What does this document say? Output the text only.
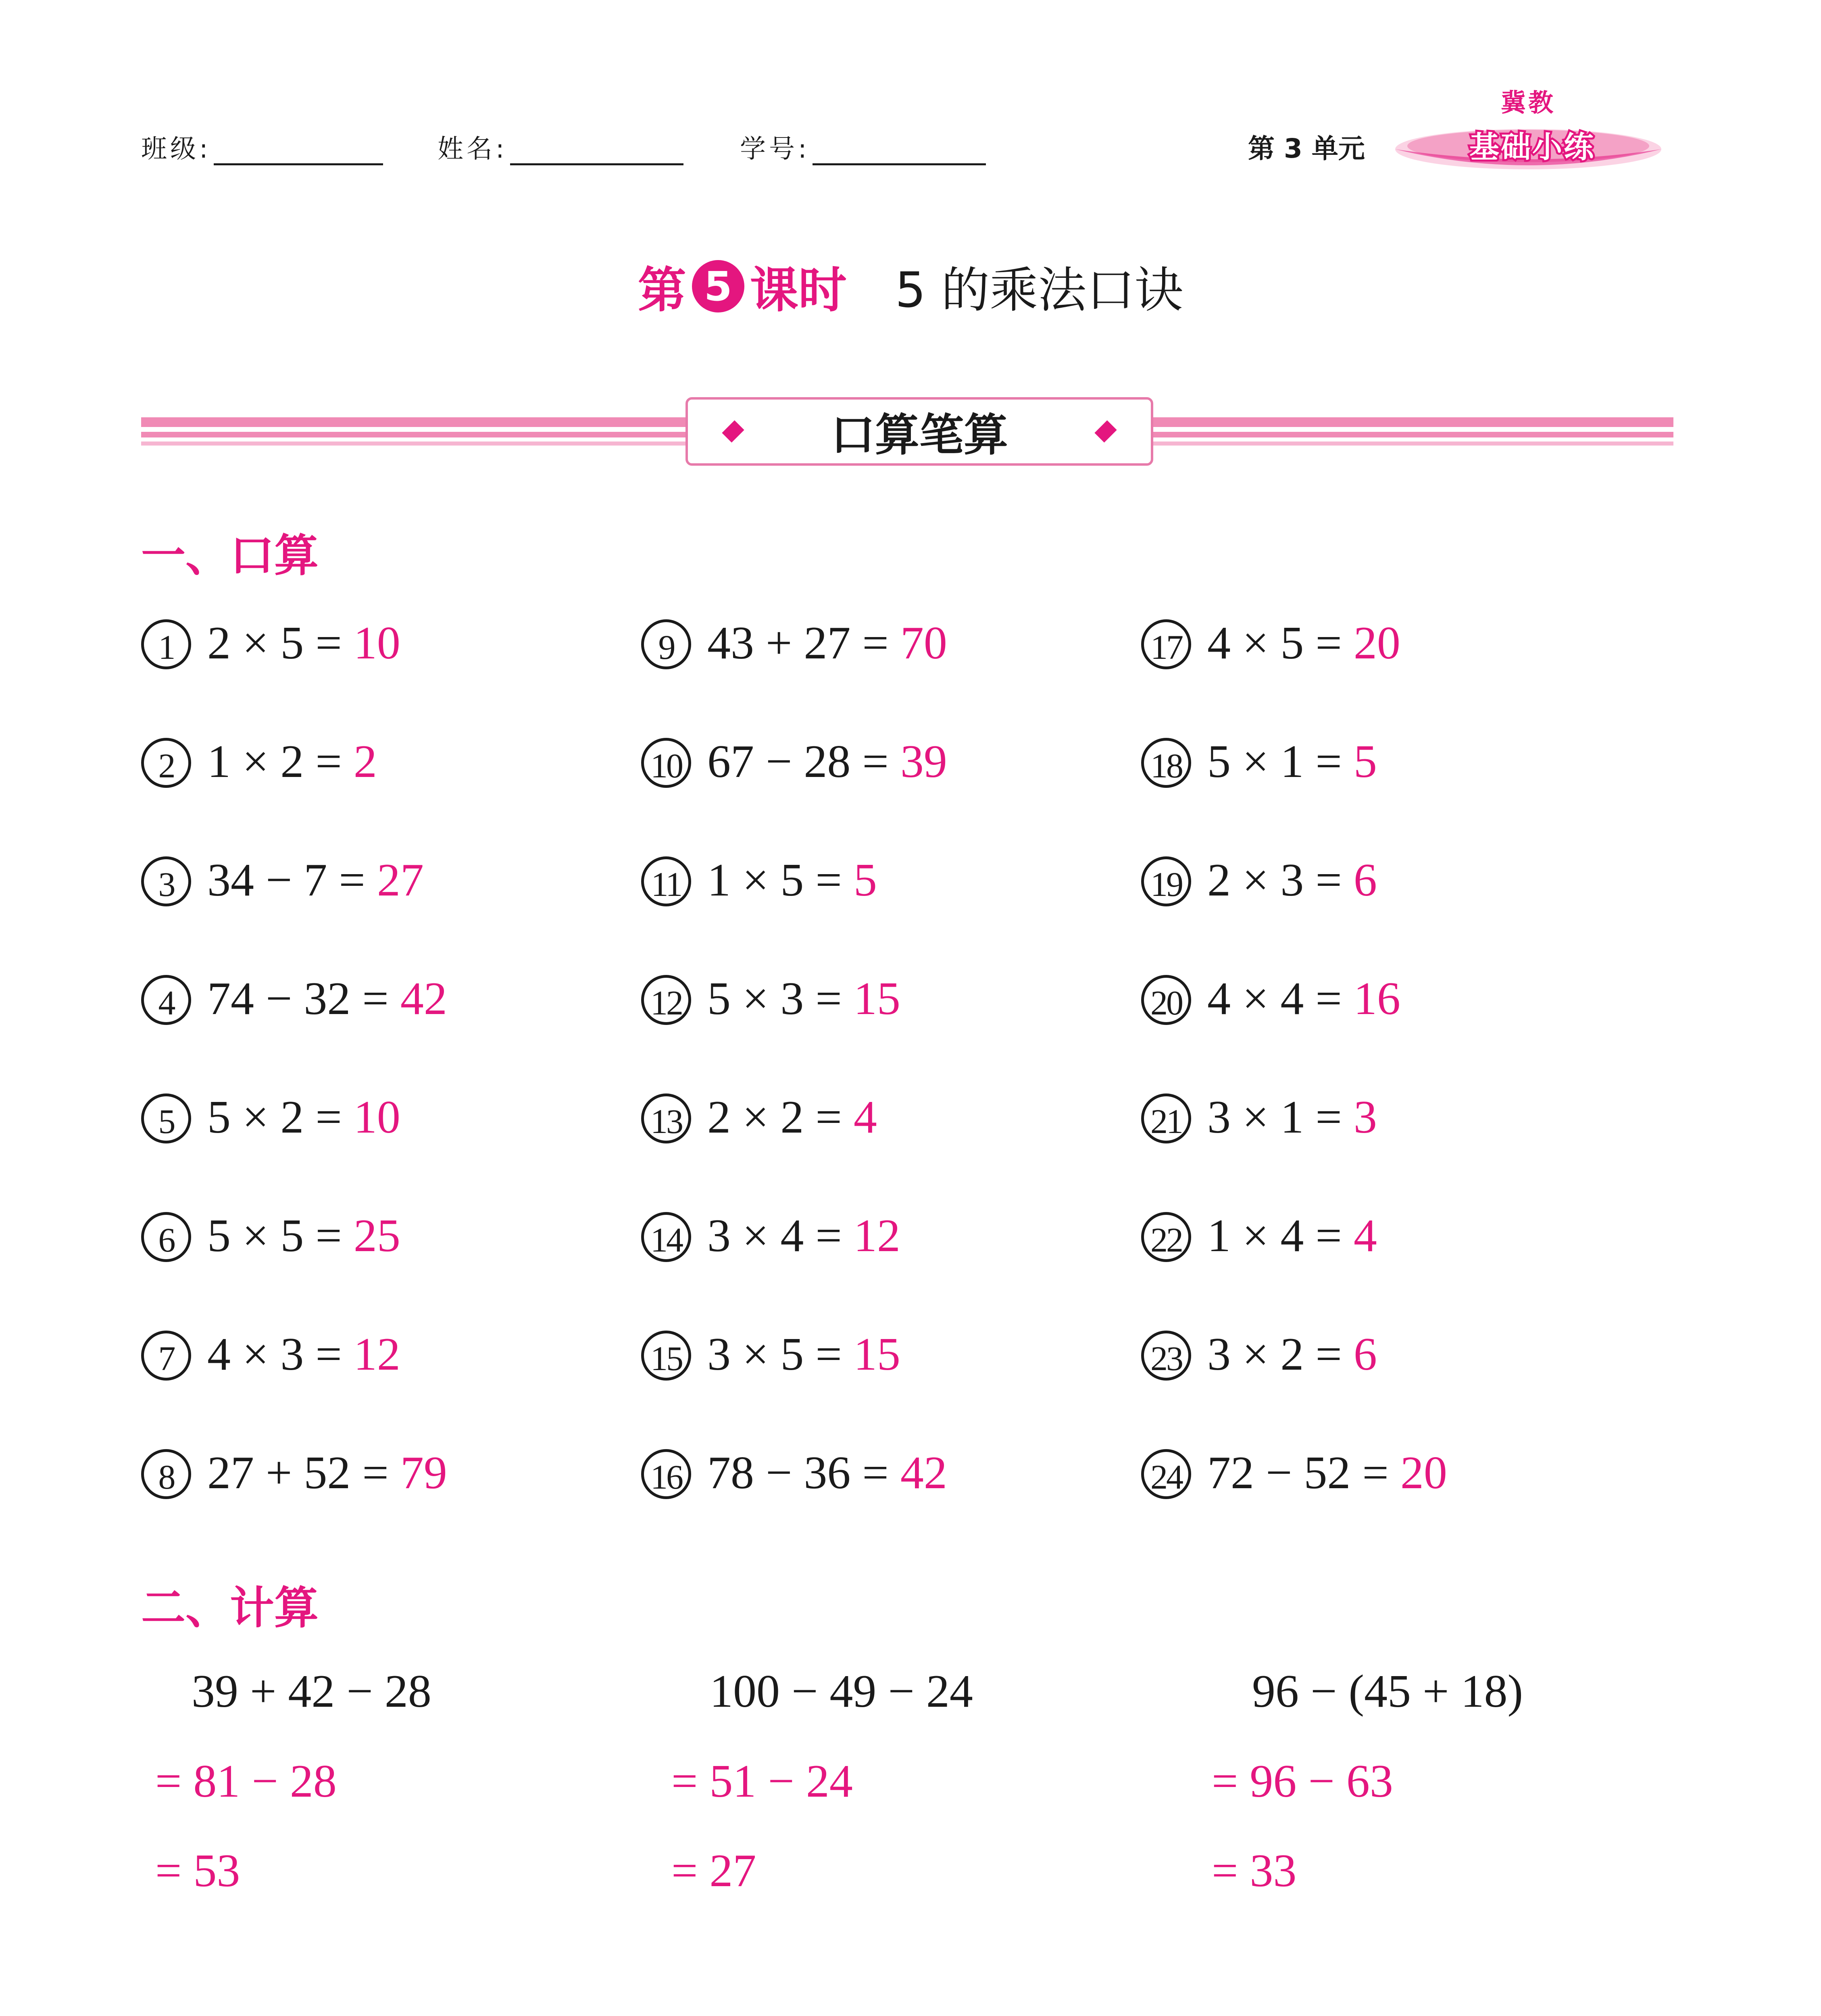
班级:	姓名:	学号:	第 3 单元
冀教
基础小练
第 5 课时 5 的乘法口诀
口算笔算
一、口算
1 2 × 5 = 10
2 1 × 2 = 2
3 34 − 7 = 27
4 74 − 32 = 42
5 5 × 2 = 10
6 5 × 5 = 25
7 4 × 3 = 12
8 27 + 52 = 79
9 43 + 27 = 70
10 67 − 28 = 39
11 1 × 5 = 5
12 5 × 3 = 15
13 2 × 2 = 4
14 3 × 4 = 12
15 3 × 5 = 15
16 78 − 36 = 42
17 4 × 5 = 20
18 5 × 1 = 5
19 2 × 3 = 6
20 4 × 4 = 16
21 3 × 1 = 3
22 1 × 4 = 4
23 3 × 2 = 6
24 72 − 52 = 20
二、计算
39 + 42 − 28
= 81 − 28
= 53
100 − 49 − 24
= 51 − 24
= 27
96 − (45 + 18)
= 96 − 63
= 33
